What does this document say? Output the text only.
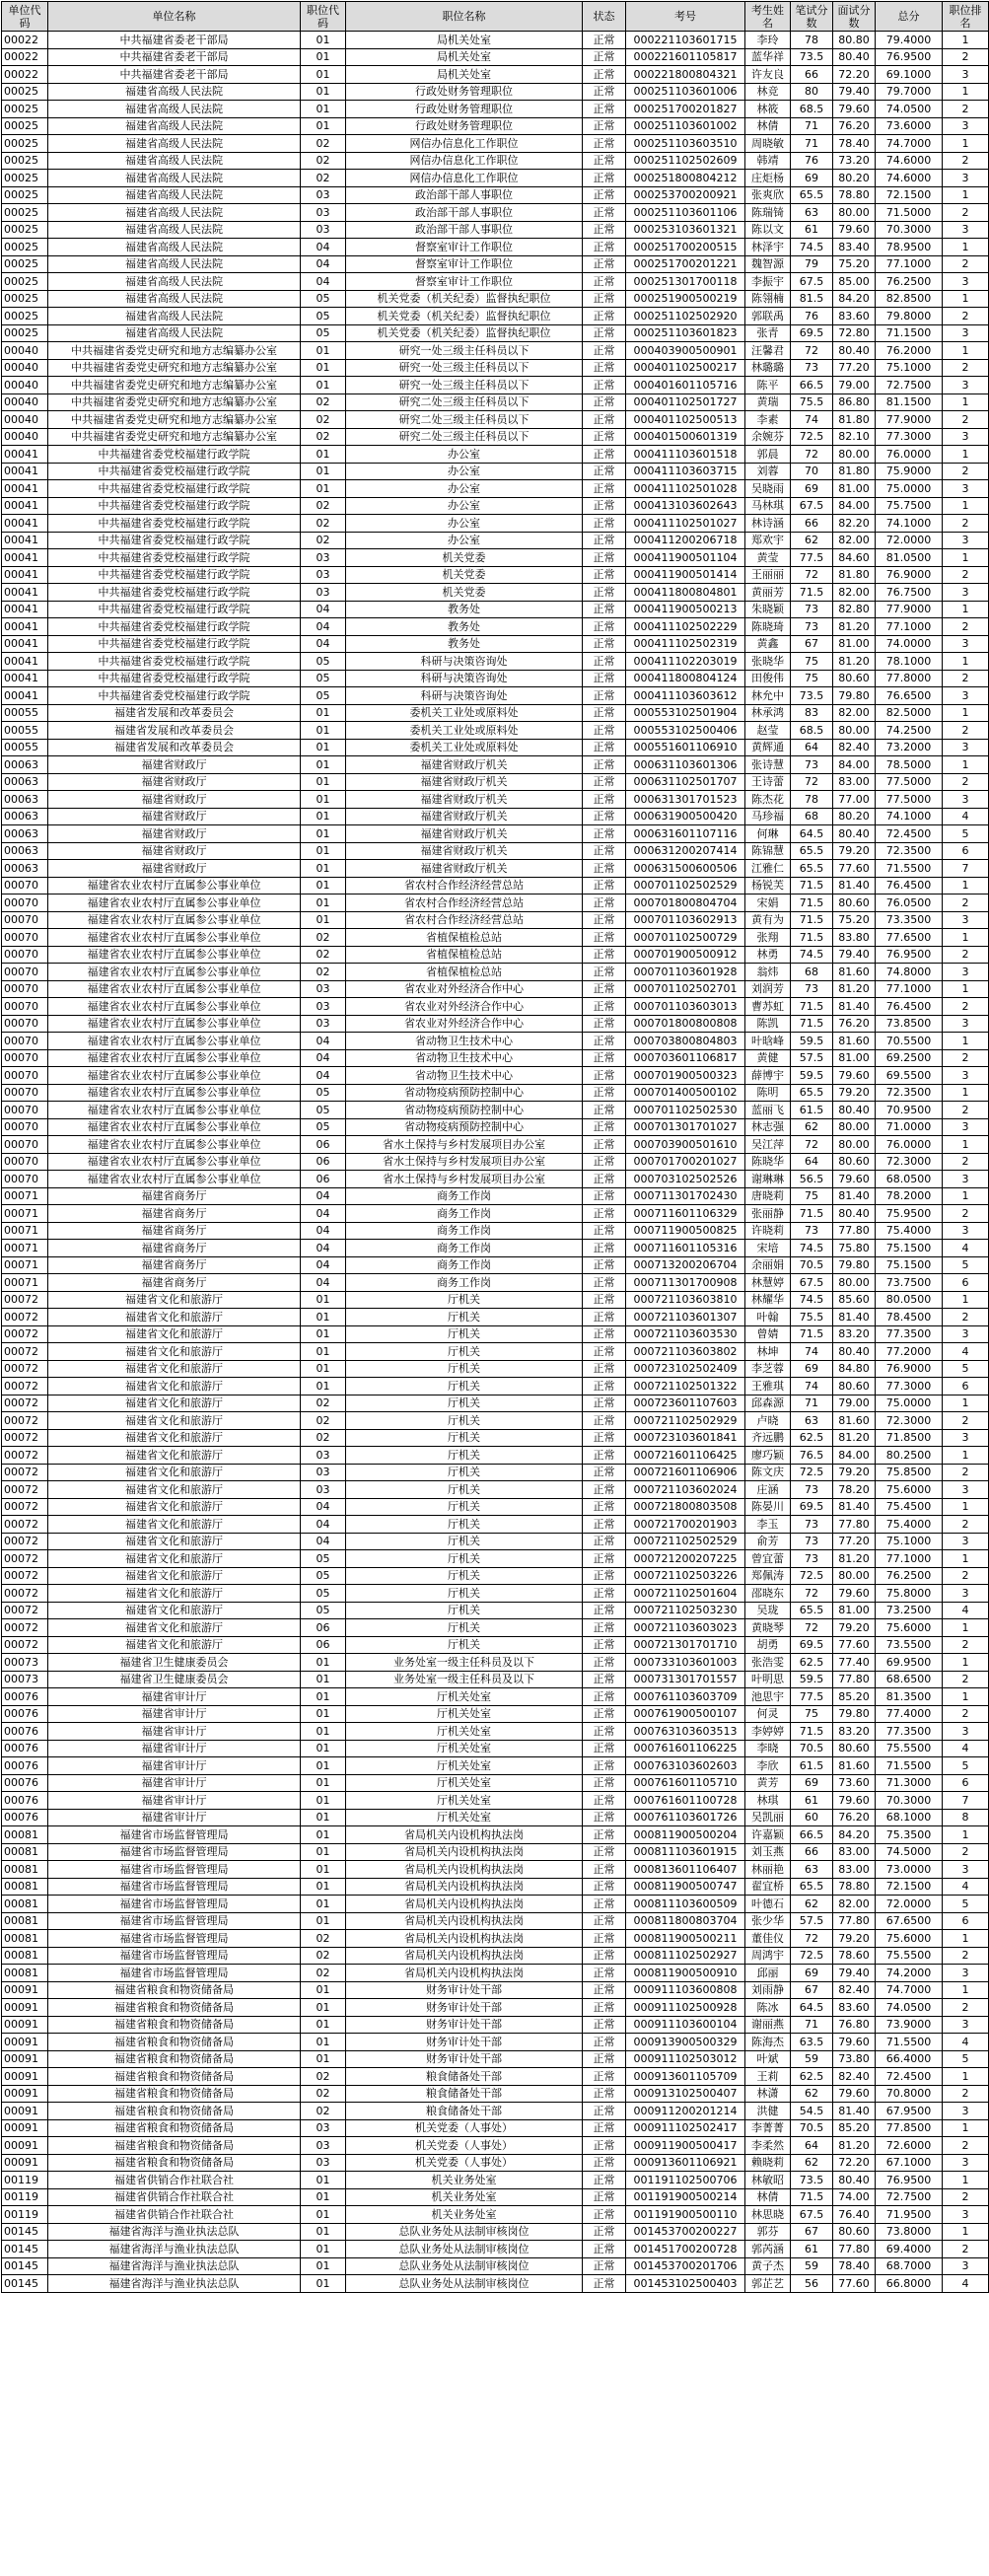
单位代码	单位名称	职位代码	职位名称	状态	考号	考生姓名	笔试分数	面试分数	总分	职位排名
00022	中共福建省委老干部局	01	局机关处室	正常	000221103601715	李玲	78	80.80	79.4000	1
00022	中共福建省委老干部局	01	局机关处室	正常	000221601105817	蓝华祥	73.5	80.40	76.9500	2
00022	中共福建省委老干部局	01	局机关处室	正常	000221800804321	许友良	66	72.20	69.1000	3
00025	福建省高级人民法院	01	行政处财务管理职位	正常	000251103601006	林竞	80	79.40	79.7000	1
00025	福建省高级人民法院	01	行政处财务管理职位	正常	000251700201827	林筱	68.5	79.60	74.0500	2
00025	福建省高级人民法院	01	行政处财务管理职位	正常	000251103601002	林倩	71	76.20	73.6000	3
00025	福建省高级人民法院	02	网信办信息化工作职位	正常	000251103603510	周晓敏	71	78.40	74.7000	1
00025	福建省高级人民法院	02	网信办信息化工作职位	正常	000251102502609	韩靖	76	73.20	74.6000	2
00025	福建省高级人民法院	02	网信办信息化工作职位	正常	000251800804212	庄炬杨	69	80.20	74.6000	3
00025	福建省高级人民法院	03	政治部干部人事职位	正常	000253700200921	张爽欣	65.5	78.80	72.1500	1
00025	福建省高级人民法院	03	政治部干部人事职位	正常	000251103601106	陈瑞锜	63	80.00	71.5000	2
00025	福建省高级人民法院	03	政治部干部人事职位	正常	000253103601321	陈以文	61	79.60	70.3000	3
00025	福建省高级人民法院	04	督察室审计工作职位	正常	000251700200515	林泽宇	74.5	83.40	78.9500	1
00025	福建省高级人民法院	04	督察室审计工作职位	正常	000251700201221	魏智源	79	75.20	77.1000	2
00025	福建省高级人民法院	04	督察室审计工作职位	正常	000251301700118	李振宇	67.5	85.00	76.2500	3
00025	福建省高级人民法院	05	机关党委（机关纪委）监督执纪职位	正常	000251900500219	陈翎楠	81.5	84.20	82.8500	1
00025	福建省高级人民法院	05	机关党委（机关纪委）监督执纪职位	正常	000251102502920	郭联禹	76	83.60	79.8000	2
00025	福建省高级人民法院	05	机关党委（机关纪委）监督执纪职位	正常	000251103601823	张青	69.5	72.80	71.1500	3
00040	中共福建省委党史研究和地方志编纂办公室	01	研究一处三级主任科员以下	正常	000403900500901	汪馨君	72	80.40	76.2000	1
00040	中共福建省委党史研究和地方志编纂办公室	01	研究一处三级主任科员以下	正常	000401102500217	林璐璐	73	77.20	75.1000	2
00040	中共福建省委党史研究和地方志编纂办公室	01	研究一处三级主任科员以下	正常	000401601105716	陈平	66.5	79.00	72.7500	3
00040	中共福建省委党史研究和地方志编纂办公室	02	研究二处三级主任科员以下	正常	000401102501727	黄瑞	75.5	86.80	81.1500	1
00040	中共福建省委党史研究和地方志编纂办公室	02	研究二处三级主任科员以下	正常	000401102500513	李素	74	81.80	77.9000	2
00040	中共福建省委党史研究和地方志编纂办公室	02	研究二处三级主任科员以下	正常	000401500601319	余婉芬	72.5	82.10	77.3000	3
00041	中共福建省委党校福建行政学院	01	办公室	正常	000411103601518	郭晨	72	80.00	76.0000	1
00041	中共福建省委党校福建行政学院	01	办公室	正常	000411103603715	刘蓉	70	81.80	75.9000	2
00041	中共福建省委党校福建行政学院	01	办公室	正常	000411102501028	吴晓雨	69	81.00	75.0000	3
00041	中共福建省委党校福建行政学院	02	办公室	正常	000413103602643	马林琪	67.5	84.00	75.7500	1
00041	中共福建省委党校福建行政学院	02	办公室	正常	000411102501027	林诗涵	66	82.20	74.1000	2
00041	中共福建省委党校福建行政学院	02	办公室	正常	000411200206718	郑欢宇	62	82.00	72.0000	3
00041	中共福建省委党校福建行政学院	03	机关党委	正常	000411900501104	黄莹	77.5	84.60	81.0500	1
00041	中共福建省委党校福建行政学院	03	机关党委	正常	000411900501414	王丽丽	72	81.80	76.9000	2
00041	中共福建省委党校福建行政学院	03	机关党委	正常	000411800804801	黄丽芳	71.5	82.00	76.7500	3
00041	中共福建省委党校福建行政学院	04	教务处	正常	000411900500213	朱晓颖	73	82.80	77.9000	1
00041	中共福建省委党校福建行政学院	04	教务处	正常	000411102502229	陈晓琦	73	81.20	77.1000	2
00041	中共福建省委党校福建行政学院	04	教务处	正常	000411102502319	黄鑫	67	81.00	74.0000	3
00041	中共福建省委党校福建行政学院	05	科研与决策咨询处	正常	000411102203019	张晓华	75	81.20	78.1000	1
00041	中共福建省委党校福建行政学院	05	科研与决策咨询处	正常	000411800804124	田俊伟	75	80.60	77.8000	2
00041	中共福建省委党校福建行政学院	05	科研与决策咨询处	正常	000411103603612	林允中	73.5	79.80	76.6500	3
00055	福建省发展和改革委员会	01	委机关工业处或原料处	正常	000553102501904	林承鸿	83	82.00	82.5000	1
00055	福建省发展和改革委员会	01	委机关工业处或原料处	正常	000553102500406	赵莹	68.5	80.00	74.2500	2
00055	福建省发展和改革委员会	01	委机关工业处或原料处	正常	000551601106910	黄辉通	64	82.40	73.2000	3
00063	福建省财政厅	01	福建省财政厅机关	正常	000631103601306	张诗慧	73	84.00	78.5000	1
00063	福建省财政厅	01	福建省财政厅机关	正常	000631102501707	王诗蕾	72	83.00	77.5000	2
00063	福建省财政厅	01	福建省财政厅机关	正常	000631301701523	陈杰花	78	77.00	77.5000	3
00063	福建省财政厅	01	福建省财政厅机关	正常	000631900500420	马珍福	68	80.20	74.1000	4
00063	福建省财政厅	01	福建省财政厅机关	正常	000631601107116	何琳	64.5	80.40	72.4500	5
00063	福建省财政厅	01	福建省财政厅机关	正常	000631200207414	陈锦慧	65.5	79.20	72.3500	6
00063	福建省财政厅	01	福建省财政厅机关	正常	000631500600506	江雅仁	65.5	77.60	71.5500	7
00070	福建省农业农村厅直属参公事业单位	01	省农村合作经济经营总站	正常	000701102502529	杨锐芙	71.5	81.40	76.4500	1
00070	福建省农业农村厅直属参公事业单位	01	省农村合作经济经营总站	正常	000701800804704	宋娟	71.5	80.60	76.0500	2
00070	福建省农业农村厅直属参公事业单位	01	省农村合作经济经营总站	正常	000701103602913	黄有为	71.5	75.20	73.3500	3
00070	福建省农业农村厅直属参公事业单位	02	省植保植检总站	正常	000701102500729	张翔	71.5	83.80	77.6500	1
00070	福建省农业农村厅直属参公事业单位	02	省植保植检总站	正常	000701900500912	林勇	74.5	79.40	76.9500	2
00070	福建省农业农村厅直属参公事业单位	02	省植保植检总站	正常	000701103601928	翁炜	68	81.60	74.8000	3
00070	福建省农业农村厅直属参公事业单位	03	省农业对外经济合作中心	正常	000701102502701	刘润芳	73	81.20	77.1000	1
00070	福建省农业农村厅直属参公事业单位	03	省农业对外经济合作中心	正常	000701103603013	曹苏虹	71.5	81.40	76.4500	2
00070	福建省农业农村厅直属参公事业单位	03	省农业对外经济合作中心	正常	000701800800808	陈凯	71.5	76.20	73.8500	3
00070	福建省农业农村厅直属参公事业单位	04	省动物卫生技术中心	正常	000703800804803	叶晗峰	59.5	81.60	70.5500	1
00070	福建省农业农村厅直属参公事业单位	04	省动物卫生技术中心	正常	000703601106817	黄健	57.5	81.00	69.2500	2
00070	福建省农业农村厅直属参公事业单位	04	省动物卫生技术中心	正常	000701900500323	薛博宇	59.5	79.60	69.5500	3
00070	福建省农业农村厅直属参公事业单位	05	省动物疫病预防控制中心	正常	000701400500102	陈明	65.5	79.20	72.3500	1
00070	福建省农业农村厅直属参公事业单位	05	省动物疫病预防控制中心	正常	000701102502530	蓝丽飞	61.5	80.40	70.9500	2
00070	福建省农业农村厅直属参公事业单位	05	省动物疫病预防控制中心	正常	000701301701027	林志强	62	80.00	71.0000	3
00070	福建省农业农村厅直属参公事业单位	06	省水土保持与乡村发展项目办公室	正常	000703900501610	吴江萍	72	80.00	76.0000	1
00070	福建省农业农村厅直属参公事业单位	06	省水土保持与乡村发展项目办公室	正常	000701700201027	陈晓华	64	80.60	72.3000	2
00070	福建省农业农村厅直属参公事业单位	06	省水土保持与乡村发展项目办公室	正常	000703102502526	谢琳琳	56.5	79.60	68.0500	3
00071	福建省商务厅	04	商务工作岗	正常	000711301702430	唐晓莉	75	81.40	78.2000	1
00071	福建省商务厅	04	商务工作岗	正常	000711601106329	张丽静	71.5	80.40	75.9500	2
00071	福建省商务厅	04	商务工作岗	正常	000711900500825	许晓莉	73	77.80	75.4000	3
00071	福建省商务厅	04	商务工作岗	正常	000711601105316	宋培	74.5	75.80	75.1500	4
00071	福建省商务厅	04	商务工作岗	正常	000713200206704	余丽娟	70.5	79.80	75.1500	5
00071	福建省商务厅	04	商务工作岗	正常	000711301700908	林慧婷	67.5	80.00	73.7500	6
00072	福建省文化和旅游厅	01	厅机关	正常	000721103603810	林耀华	74.5	85.60	80.0500	1
00072	福建省文化和旅游厅	01	厅机关	正常	000721103601307	叶翰	75.5	81.40	78.4500	2
00072	福建省文化和旅游厅	01	厅机关	正常	000721103603530	曾婧	71.5	83.20	77.3500	3
00072	福建省文化和旅游厅	01	厅机关	正常	000721103603802	林坤	74	80.40	77.2000	4
00072	福建省文化和旅游厅	01	厅机关	正常	000723102502409	李芝蓉	69	84.80	76.9000	5
00072	福建省文化和旅游厅	01	厅机关	正常	000721102501322	王雅琪	74	80.60	77.3000	6
00072	福建省文化和旅游厅	02	厅机关	正常	000723601107603	邱森源	71	79.00	75.0000	1
00072	福建省文化和旅游厅	02	厅机关	正常	000721102502929	卢晓	63	81.60	72.3000	2
00072	福建省文化和旅游厅	02	厅机关	正常	000723103601841	齐远鹏	62.5	81.20	71.8500	3
00072	福建省文化和旅游厅	03	厅机关	正常	000721601106425	廖巧颖	76.5	84.00	80.2500	1
00072	福建省文化和旅游厅	03	厅机关	正常	000721601106906	陈文庆	72.5	79.20	75.8500	2
00072	福建省文化和旅游厅	03	厅机关	正常	000721103602024	庄涵	73	78.20	75.6000	3
00072	福建省文化和旅游厅	04	厅机关	正常	000721800803508	陈晏川	69.5	81.40	75.4500	1
00072	福建省文化和旅游厅	04	厅机关	正常	000721700201903	李玉	73	77.80	75.4000	2
00072	福建省文化和旅游厅	04	厅机关	正常	000721102502529	俞芳	73	77.20	75.1000	3
00072	福建省文化和旅游厅	05	厅机关	正常	000721200207225	曾宜蕾	73	81.20	77.1000	1
00072	福建省文化和旅游厅	05	厅机关	正常	000721102503226	郑佩涛	72.5	80.00	76.2500	2
00072	福建省文化和旅游厅	05	厅机关	正常	000721102501604	邵晓东	72	79.60	75.8000	3
00072	福建省文化和旅游厅	05	厅机关	正常	000721102503230	吴珑	65.5	81.00	73.2500	4
00072	福建省文化和旅游厅	06	厅机关	正常	000721103603023	黄晓琴	72	79.20	75.6000	1
00072	福建省文化和旅游厅	06	厅机关	正常	000721301701710	胡勇	69.5	77.60	73.5500	2
00073	福建省卫生健康委员会	01	业务处室一级主任科员及以下	正常	000733103601003	张浩雯	62.5	77.40	69.9500	1
00073	福建省卫生健康委员会	01	业务处室一级主任科员及以下	正常	000731301701557	叶明思	59.5	77.80	68.6500	2
00076	福建省审计厅	01	厅机关处室	正常	000761103603709	池思宇	77.5	85.20	81.3500	1
00076	福建省审计厅	01	厅机关处室	正常	000761900500107	何灵	75	79.80	77.4000	2
00076	福建省审计厅	01	厅机关处室	正常	000763103603513	李婷婷	71.5	83.20	77.3500	3
00076	福建省审计厅	01	厅机关处室	正常	000761601106225	李晓	70.5	80.60	75.5500	4
00076	福建省审计厅	01	厅机关处室	正常	000763103602603	李欣	61.5	81.60	71.5500	5
00076	福建省审计厅	01	厅机关处室	正常	000761601105710	黄芳	69	73.60	71.3000	6
00076	福建省审计厅	01	厅机关处室	正常	000761601100728	林琪	61	79.60	70.3000	7
00076	福建省审计厅	01	厅机关处室	正常	000761103601726	吴凯丽	60	76.20	68.1000	8
00081	福建省市场监督管理局	01	省局机关内设机构执法岗	正常	000811900500204	许嘉颖	66.5	84.20	75.3500	1
00081	福建省市场监督管理局	01	省局机关内设机构执法岗	正常	000811103601915	刘玉燕	66	83.00	74.5000	2
00081	福建省市场监督管理局	01	省局机关内设机构执法岗	正常	000813601106407	林丽艳	63	83.00	73.0000	3
00081	福建省市场监督管理局	01	省局机关内设机构执法岗	正常	000811900500747	翟宜桥	65.5	78.80	72.1500	4
00081	福建省市场监督管理局	01	省局机关内设机构执法岗	正常	000811103600509	叶德石	62	82.00	72.0000	5
00081	福建省市场监督管理局	01	省局机关内设机构执法岗	正常	000811800803704	张少华	57.5	77.80	67.6500	6
00081	福建省市场监督管理局	02	省局机关内设机构执法岗	正常	000811900500211	董佳仪	72	79.20	75.6000	1
00081	福建省市场监督管理局	02	省局机关内设机构执法岗	正常	000811102502927	周鸿宇	72.5	78.60	75.5500	2
00081	福建省市场监督管理局	02	省局机关内设机构执法岗	正常	000811900500910	邱丽	69	79.40	74.2000	3
00091	福建省粮食和物资储备局	01	财务审计处干部	正常	000911103600808	刘雨静	67	82.40	74.7000	1
00091	福建省粮食和物资储备局	01	财务审计处干部	正常	000911102500928	陈冰	64.5	83.60	74.0500	2
00091	福建省粮食和物资储备局	01	财务审计处干部	正常	000911103600104	谢丽燕	71	76.80	73.9000	3
00091	福建省粮食和物资储备局	01	财务审计处干部	正常	000913900500329	陈海杰	63.5	79.60	71.5500	4
00091	福建省粮食和物资储备局	01	财务审计处干部	正常	000911102503012	叶斌	59	73.80	66.4000	5
00091	福建省粮食和物资储备局	02	粮食储备处干部	正常	000913601105709	王莉	62.5	82.40	72.4500	1
00091	福建省粮食和物资储备局	02	粮食储备处干部	正常	000913102500407	林潇	62	79.60	70.8000	2
00091	福建省粮食和物资储备局	02	粮食储备处干部	正常	000911200201214	洪健	54.5	81.40	67.9500	3
00091	福建省粮食和物资储备局	03	机关党委（人事处）	正常	000911102502417	李菁菁	70.5	85.20	77.8500	1
00091	福建省粮食和物资储备局	03	机关党委（人事处）	正常	000911900500417	李柔然	64	81.20	72.6000	2
00091	福建省粮食和物资储备局	03	机关党委（人事处）	正常	000913601106921	赖晓莉	62	72.20	67.1000	3
00119	福建省供销合作社联合社	01	机关业务处室	正常	001191102500706	林敏昭	73.5	80.40	76.9500	1
00119	福建省供销合作社联合社	01	机关业务处室	正常	001191900500214	林倩	71.5	74.00	72.7500	2
00119	福建省供销合作社联合社	01	机关业务处室	正常	001191900500110	林思晓	67.5	76.40	71.9500	3
00145	福建省海洋与渔业执法总队	01	总队业务处从法制审核岗位	正常	001453700200227	郭芬	67	80.60	73.8000	1
00145	福建省海洋与渔业执法总队	01	总队业务处从法制审核岗位	正常	001451700200728	郭芮涵	61	77.80	69.4000	2
00145	福建省海洋与渔业执法总队	01	总队业务处从法制审核岗位	正常	001453700201706	黄子杰	59	78.40	68.7000	3
00145	福建省海洋与渔业执法总队	01	总队业务处从法制审核岗位	正常	001453102500403	郭芷艺	56	77.60	66.8000	4
